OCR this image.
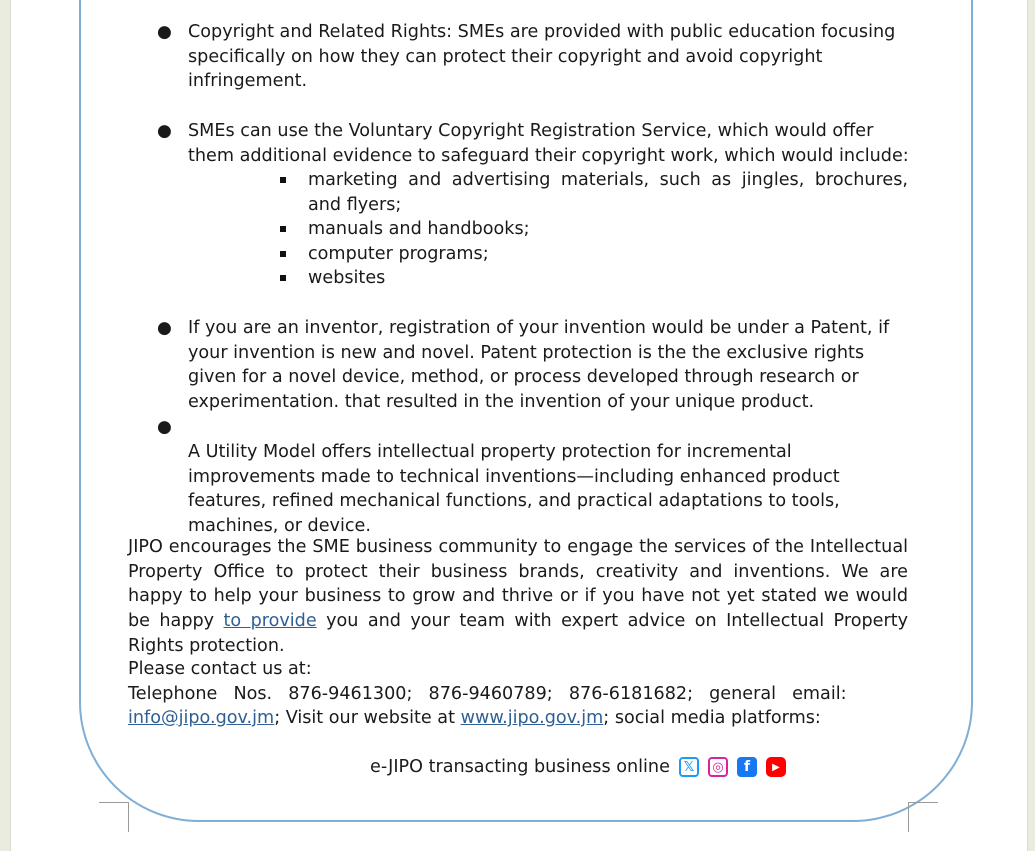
● Copyright and Related Rights: SMEs are provided with public education focusing specifically on how they can protect their copyright and avoid copyright infringement.
● SMEs can use the Voluntary Copyright Registration Service, which would offer them additional evidence to safeguard their copyright work, which would include:
marketing and advertising materials, such as jingles, brochures, and flyers;
manuals and handbooks;
computer programs;
websites
● If you are an inventor, registration of your invention would be under a Patent, if your invention is new and novel. Patent protection is the the exclusive rights given for a novel device, method, or process developed through research or experimentation. that resulted in the invention of your unique product.
●
A Utility Model offers intellectual property protection for incremental improvements made to technical inventions—including enhanced product features, refined mechanical functions, and practical adaptations to tools, machines, or device.
JIPO encourages the SME business community to engage the services of the Intellectual Property Office to protect their business brands, creativity and inventions. We are happy to help your business to grow and thrive or if you have not yet stated we would be happy to provide you and your team with expert advice on Intellectual Property Rights protection.
Please contact us at:
Telephone Nos. 876-9461300; 876-9460789; 876-6181682; general email:
info@jipo.gov.jm; Visit our website at www.jipo.gov.jm; social media platforms:
e-JIPO transacting business online	𝕏	◎	f	▶
